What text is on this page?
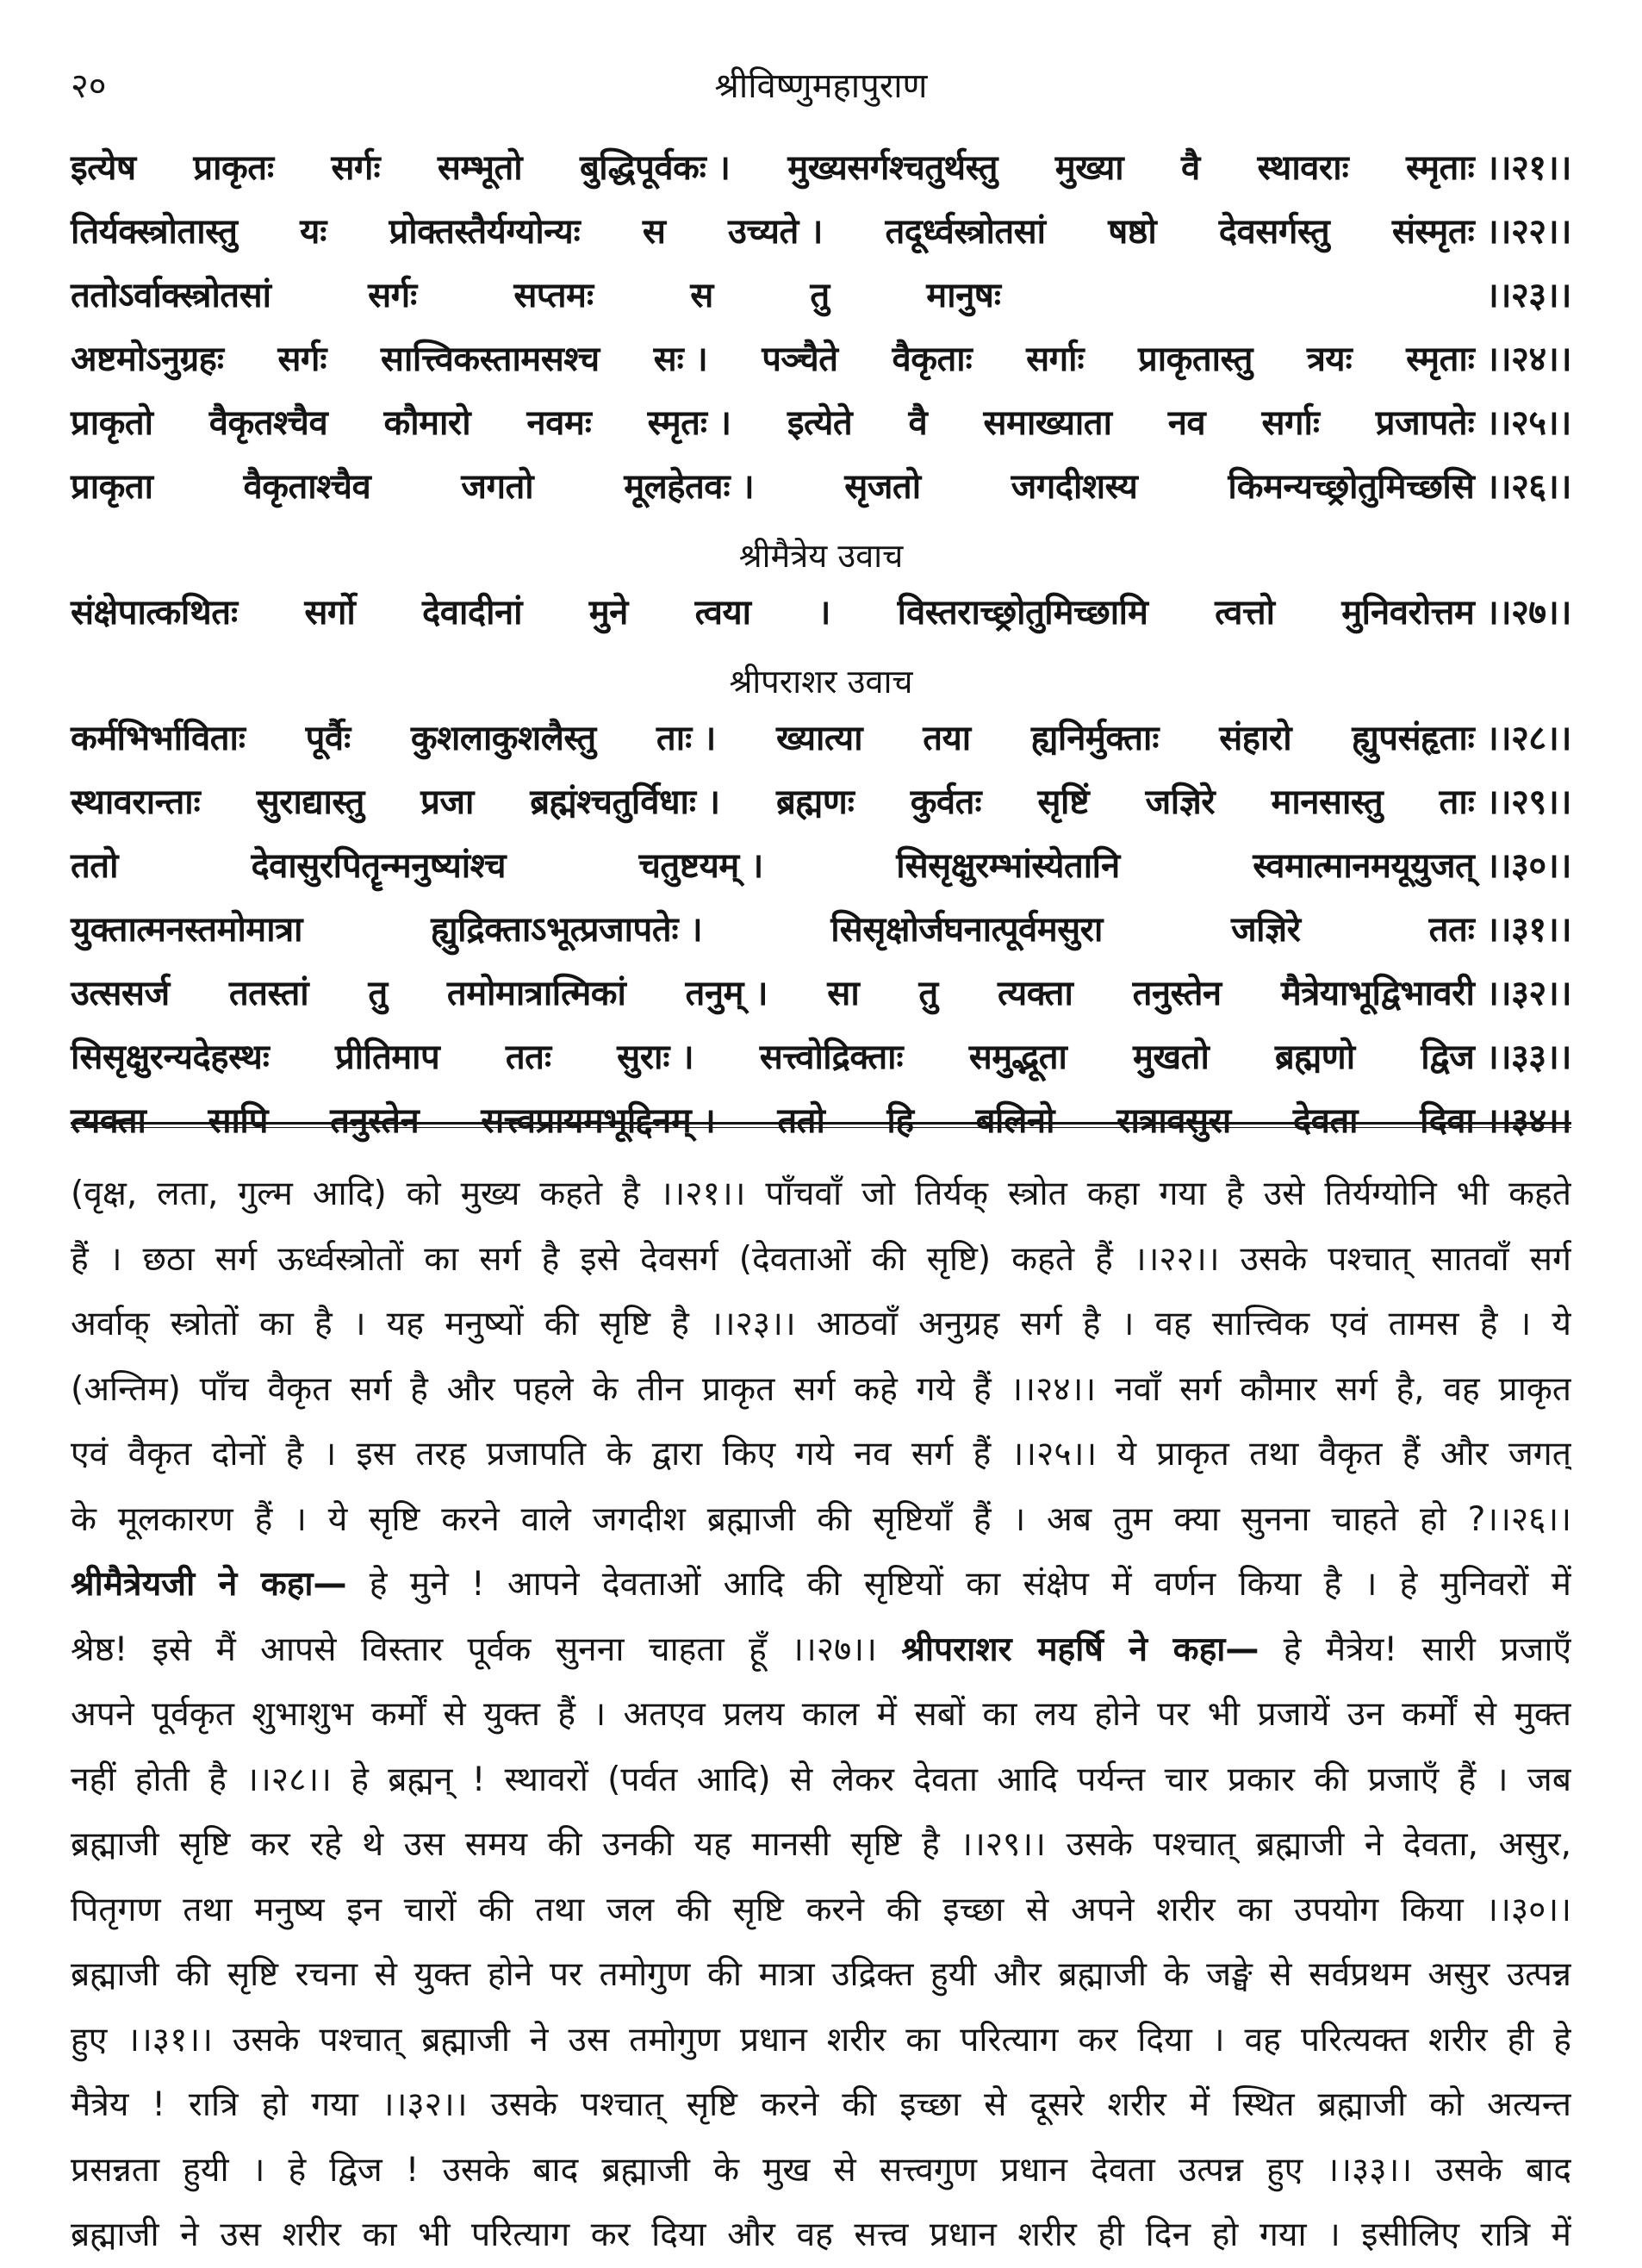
२०	श्रीविष्णुमहापुराण
इत्येष प्राकृतः सर्गः सम्भूतो बुद्धिपूर्वकः । मुख्यसर्गश्चतुर्थस्तु मुख्या वै स्थावराः स्मृताः ।।२१।।
तिर्यक्स्त्रोतास्तु यः प्रोक्तस्तैर्यग्योन्यः स उच्यते । तदूर्ध्वस्त्रोतसां षष्ठो देवसर्गस्तु संस्मृतः ।।२२।।
ततोऽर्वाक्स्त्रोतसां	सर्गः	सप्तमः	स	तु	मानुषः	।।२३।।
अष्टमोऽनुग्रहः सर्गः सात्त्विकस्तामसश्च सः । पञ्चैते वैकृताः सर्गाः प्राकृतास्तु त्रयः स्मृताः ।।२४।।
प्राकृतो वैकृतश्चैव कौमारो नवमः स्मृतः । इत्येते वै समाख्याता नव सर्गाः प्रजापतेः ।।२५।।
प्राकृता	वैकृताश्चैव	जगतो	मूलहेतवः ।	सृजतो	जगदीशस्य	किमन्यच्छ्रोतुमिच्छसि ।।२६।।
श्रीमैत्रेय उवाच
संक्षेपात्कथितः सर्गो देवादीनां मुने त्वया । विस्तराच्छ्रोतुमिच्छामि त्वत्तो मुनिवरोत्तम ।।२७।।
श्रीपराशर उवाच
कर्मभिर्भाविताः पूर्वैः कुशलाकुशलैस्तु ताः । ख्यात्या तया ह्यनिर्मुक्ताः संहारो ह्युपसंहृताः ।।२८।।
स्थावरान्ताः सुराद्यास्तु प्रजा ब्रह्मंश्चतुर्विधाः । ब्रह्मणः कुर्वतः सृष्टिं जज्ञिरे मानसास्तु ताः ।।२९।।
ततो	देवासुरपितॄन्मनुष्यांश्च	चतुष्टयम् ।	सिसृक्षुरम्भांस्येतानि	स्वमात्मानमयूयुजत् ।।३०।।
युक्तात्मनस्तमोमात्रा	ह्युद्रिक्ताऽभूत्प्रजापतेः ।	सिसृक्षोर्जघनात्पूर्वमसुरा	जज्ञिरे	ततः ।।३१।।
उत्ससर्ज ततस्तां तु तमोमात्रात्मिकां तनुम् । सा तु त्यक्ता तनुस्तेन मैत्रेयाभूद्विभावरी ।।३२।।
सिसृक्षुरन्यदेहस्थः प्रीतिमाप ततः सुराः । सत्त्वोद्रिक्ताः समुद्भूता मुखतो ब्रह्मणो द्विज ।।३३।।
त्यक्ता सापि तनुस्तेन सत्त्वप्रायमभूद्दिनम् । ततो हि बलिनो रात्रावसुरा देवता दिवा ।।३४।।
(वृक्ष, लता, गुल्म आदि) को मुख्य कहते है ।।२१।। पाँचवाँ जो तिर्यक् स्त्रोत कहा गया है उसे तिर्यग्योनि भी कहते
हैं । छठा सर्ग ऊर्ध्वस्त्रोतों का सर्ग है इसे देवसर्ग (देवताओं की सृष्टि) कहते हैं ।।२२।। उसके पश्चात् सातवाँ सर्ग
अर्वाक् स्त्रोतों का है । यह मनुष्यों की सृष्टि है ।।२३।। आठवाँ अनुग्रह सर्ग है । वह सात्त्विक एवं तामस है । ये
(अन्तिम) पाँच वैकृत सर्ग है और पहले के तीन प्राकृत सर्ग कहे गये हैं ।।२४।। नवाँ सर्ग कौमार सर्ग है, वह प्राकृत
एवं वैकृत दोनों है । इस तरह प्रजापति के द्वारा किए गये नव सर्ग हैं ।।२५।। ये प्राकृत तथा वैकृत हैं और जगत्
के मूलकारण हैं । ये सृष्टि करने वाले जगदीश ब्रह्माजी की सृष्टियाँ हैं । अब तुम क्या सुनना चाहते हो ?।।२६।।
श्रीमैत्रेयजी ने कहा— हे मुने ! आपने देवताओं आदि की सृष्टियों का संक्षेप में वर्णन किया है । हे मुनिवरों में
श्रेष्ठ! इसे मैं आपसे विस्तार पूर्वक सुनना चाहता हूँ ।।२७।। श्रीपराशर महर्षि ने कहा— हे मैत्रेय! सारी प्रजाएँ
अपने पूर्वकृत शुभाशुभ कर्मों से युक्त हैं । अतएव प्रलय काल में सबों का लय होने पर भी प्रजायें उन कर्मों से मुक्त
नहीं होती है ।।२८।। हे ब्रह्मन् ! स्थावरों (पर्वत आदि) से लेकर देवता आदि पर्यन्त चार प्रकार की प्रजाएँ हैं । जब
ब्रह्माजी सृष्टि कर रहे थे उस समय की उनकी यह मानसी सृष्टि है ।।२९।। उसके पश्चात् ब्रह्माजी ने देवता, असुर,
पितृगण तथा मनुष्य इन चारों की तथा जल की सृष्टि करने की इच्छा से अपने शरीर का उपयोग किया ।।३०।।
ब्रह्माजी की सृष्टि रचना से युक्त होने पर तमोगुण की मात्रा उद्रिक्त हुयी और ब्रह्माजी के जङ्घे से सर्वप्रथम असुर उत्पन्न
हुए ।।३१।। उसके पश्चात् ब्रह्माजी ने उस तमोगुण प्रधान शरीर का परित्याग कर दिया । वह परित्यक्त शरीर ही हे
मैत्रेय ! रात्रि हो गया ।।३२।। उसके पश्चात् सृष्टि करने की इच्छा से दूसरे शरीर में स्थित ब्रह्माजी को अत्यन्त
प्रसन्नता हुयी । हे द्विज ! उसके बाद ब्रह्माजी के मुख से सत्त्वगुण प्रधान देवता उत्पन्न हुए ।।३३।। उसके बाद
ब्रह्माजी ने उस शरीर का भी परित्याग कर दिया और वह सत्त्व प्रधान शरीर ही दिन हो गया । इसीलिए रात्रि में
